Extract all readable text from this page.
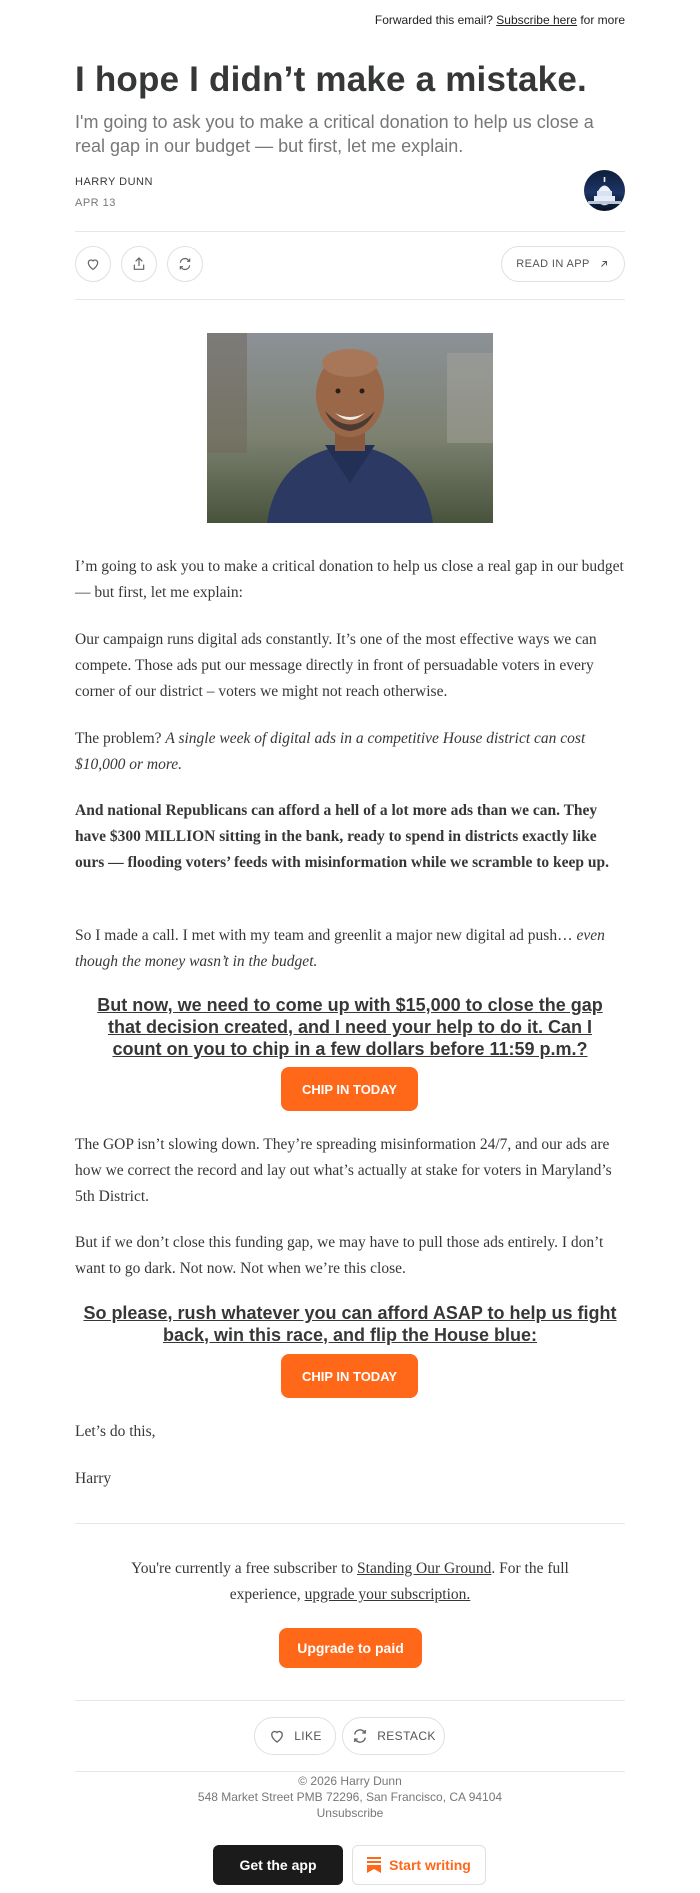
Forwarded this email? Subscribe here for more
I hope I didn’t make a mistake.
I'm going to ask you to make a critical donation to help us close a real gap in our budget — but first, let me explain.
HARRY DUNN
APR 13
READ IN APP
I’m going to ask you to make a critical donation to help us close a real gap in our budget — but first, let me explain:
Our campaign runs digital ads constantly. It’s one of the most effective ways we can compete. Those ads put our message directly in front of persuadable voters in every corner of our district – voters we might not reach otherwise.
The problem? A single week of digital ads in a competitive House district can cost $10,000 or more.
And national Republicans can afford a hell of a lot more ads than we can. They have $300 MILLION sitting in the bank, ready to spend in districts exactly like ours — flooding voters’ feeds with misinformation while we scramble to keep up.
So I made a call. I met with my team and greenlit a major new digital ad push… even though the money wasn’t in the budget.
But now, we need to come up with $15,000 to close the gap that decision created, and I need your help to do it. Can I count on you to chip in a few dollars before 11:59 p.m.?
CHIP IN TODAY
The GOP isn’t slowing down. They’re spreading misinformation 24/7, and our ads are how we correct the record and lay out what’s actually at stake for voters in Maryland’s 5th District.
But if we don’t close this funding gap, we may have to pull those ads entirely. I don’t want to go dark. Not now. Not when we’re this close.
So please, rush whatever you can afford ASAP to help us fight back, win this race, and flip the House blue:
CHIP IN TODAY
Let’s do this,
Harry
You're currently a free subscriber to Standing Our Ground. For the full experience, upgrade your subscription.
Upgrade to paid
LIKE	RESTACK
© 2026 Harry Dunn
548 Market Street PMB 72296, San Francisco, CA 94104
Unsubscribe
Get the app	Start writing
